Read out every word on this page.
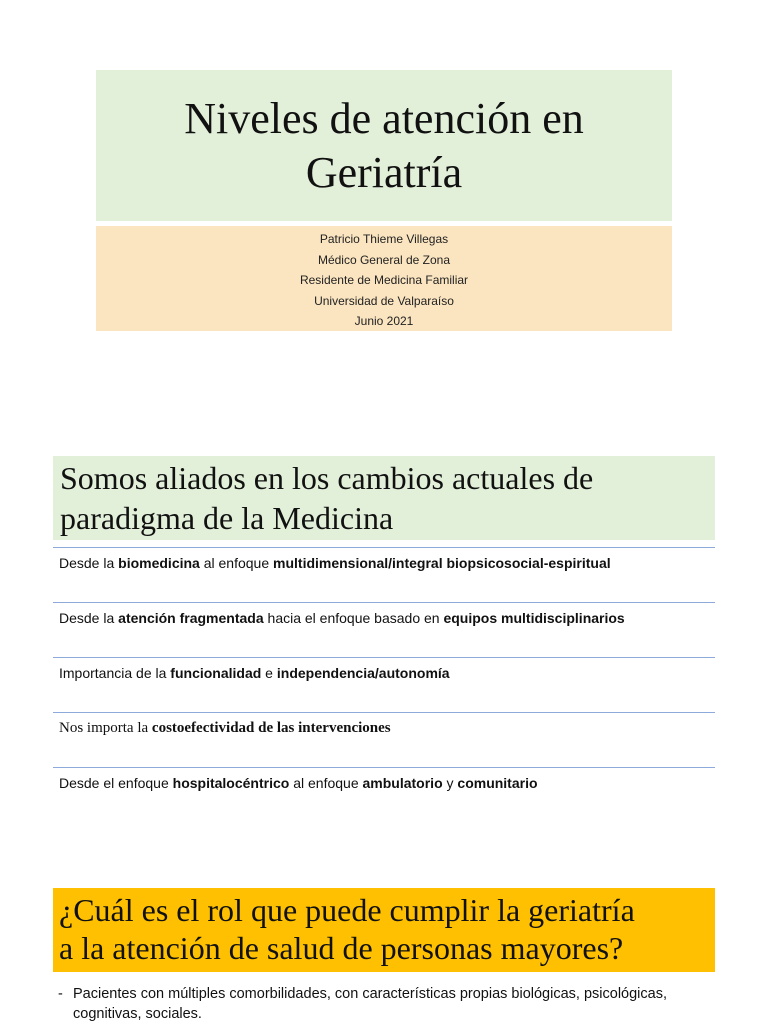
Niveles de atención en
Geriatría
Patricio Thieme Villegas
Médico General de Zona
Residente de Medicina Familiar
Universidad de Valparaíso
Junio 2021
Somos aliados en los cambios actuales de
paradigma de la Medicina
Desde la biomedicina al enfoque multidimensional/integral biopsicosocial-espiritual
Desde la atención fragmentada hacia el enfoque basado en equipos multidisciplinarios
Importancia de la funcionalidad e independencia/autonomía
Nos importa la costoefectividad de las intervenciones
Desde el enfoque hospitalocéntrico al enfoque ambulatorio y comunitario
¿Cuál es el rol que puede cumplir la geriatría
a la atención de salud de personas mayores?
- Pacientes con múltiples comorbilidades, con características propias biológicas, psicológicas, cognitivas, sociales.
